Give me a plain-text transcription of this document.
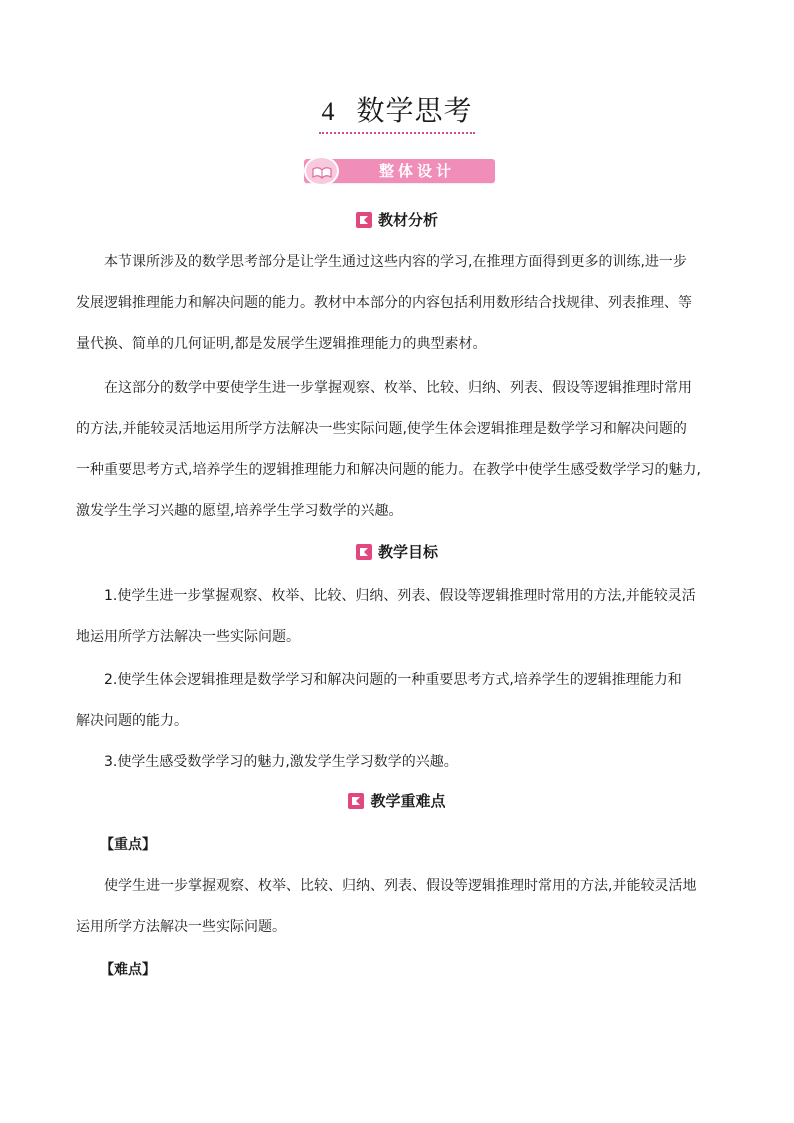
4 数学思考
整体设计
教材分析
本节课所涉及的数学思考部分是让学生通过这些内容的学习,在推理方面得到更多的训练,进一步
发展逻辑推理能力和解决问题的能力。教材中本部分的内容包括利用数形结合找规律、列表推理、等
量代换、简单的几何证明,都是发展学生逻辑推理能力的典型素材。
在这部分的数学中要使学生进一步掌握观察、枚举、比较、归纳、列表、假设等逻辑推理时常用
的方法,并能较灵活地运用所学方法解决一些实际问题,使学生体会逻辑推理是数学学习和解决问题的
一种重要思考方式,培养学生的逻辑推理能力和解决问题的能力。在教学中使学生感受数学学习的魅力,
激发学生学习兴趣的愿望,培养学生学习数学的兴趣。
教学目标
1.使学生进一步掌握观察、枚举、比较、归纳、列表、假设等逻辑推理时常用的方法,并能较灵活
地运用所学方法解决一些实际问题。
2.使学生体会逻辑推理是数学学习和解决问题的一种重要思考方式,培养学生的逻辑推理能力和
解决问题的能力。
3.使学生感受数学学习的魅力,激发学生学习数学的兴趣。
教学重难点
【重点】
使学生进一步掌握观察、枚举、比较、归纳、列表、假设等逻辑推理时常用的方法,并能较灵活地
运用所学方法解决一些实际问题。
【难点】
